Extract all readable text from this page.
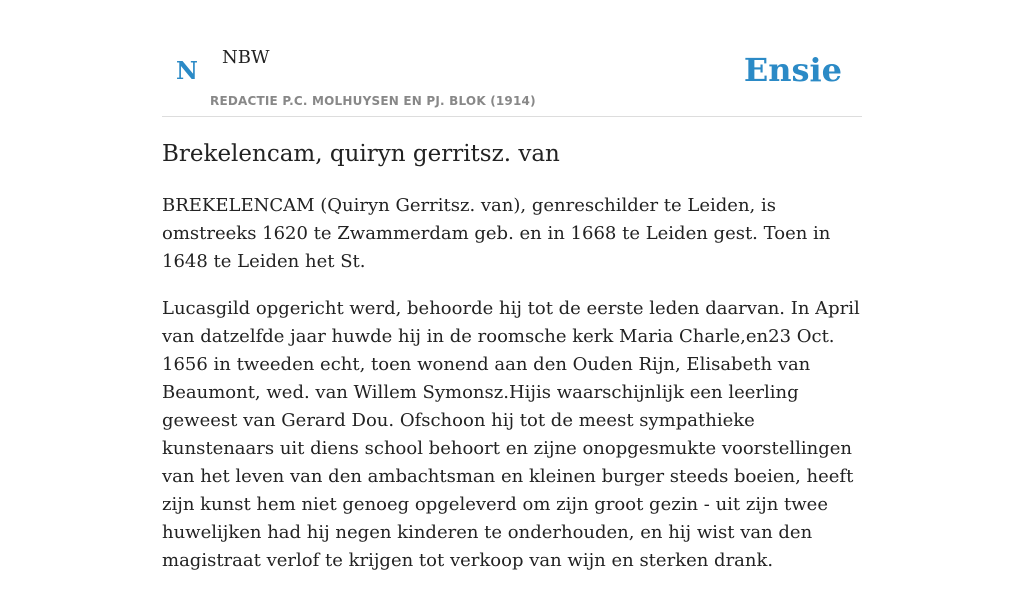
N NBW
REDACTIE P.C. MOLHUYSEN EN PJ. BLOK (1914)
Ensie
Brekelencam, quiryn gerritsz. van

BREKELENCAM (Quiryn Gerritsz. van), genreschilder te Leiden, is omstreeks 1620 te Zwammerdam geb. en in 1668 te Leiden gest. Toen in 1648 te Leiden het St.

Lucasgild opgericht werd, behoorde hij tot de eerste leden daarvan. In April van datzelfde jaar huwde hij in de roomsche kerk Maria Charle,en23 Oct. 1656 in tweeden echt, toen wonend aan den Ouden Rijn, Elisabeth van Beaumont, wed. van Willem Symonsz.Hijis waarschijnlijk een leerling geweest van Gerard Dou. Ofschoon hij tot de meest sympathieke kunstenaars uit diens school behoort en zijne onopgesmukte voorstellingen van het leven van den ambachtsman en kleinen burger steeds boeien, heeft zijn kunst hem niet genoeg opgeleverd om zijn groot gezin - uit zijn twee huwelijken had hij negen kinderen te onderhouden, en hij wist van den magistraat verlof te krijgen tot verkoop van wijn en sterken drank.
